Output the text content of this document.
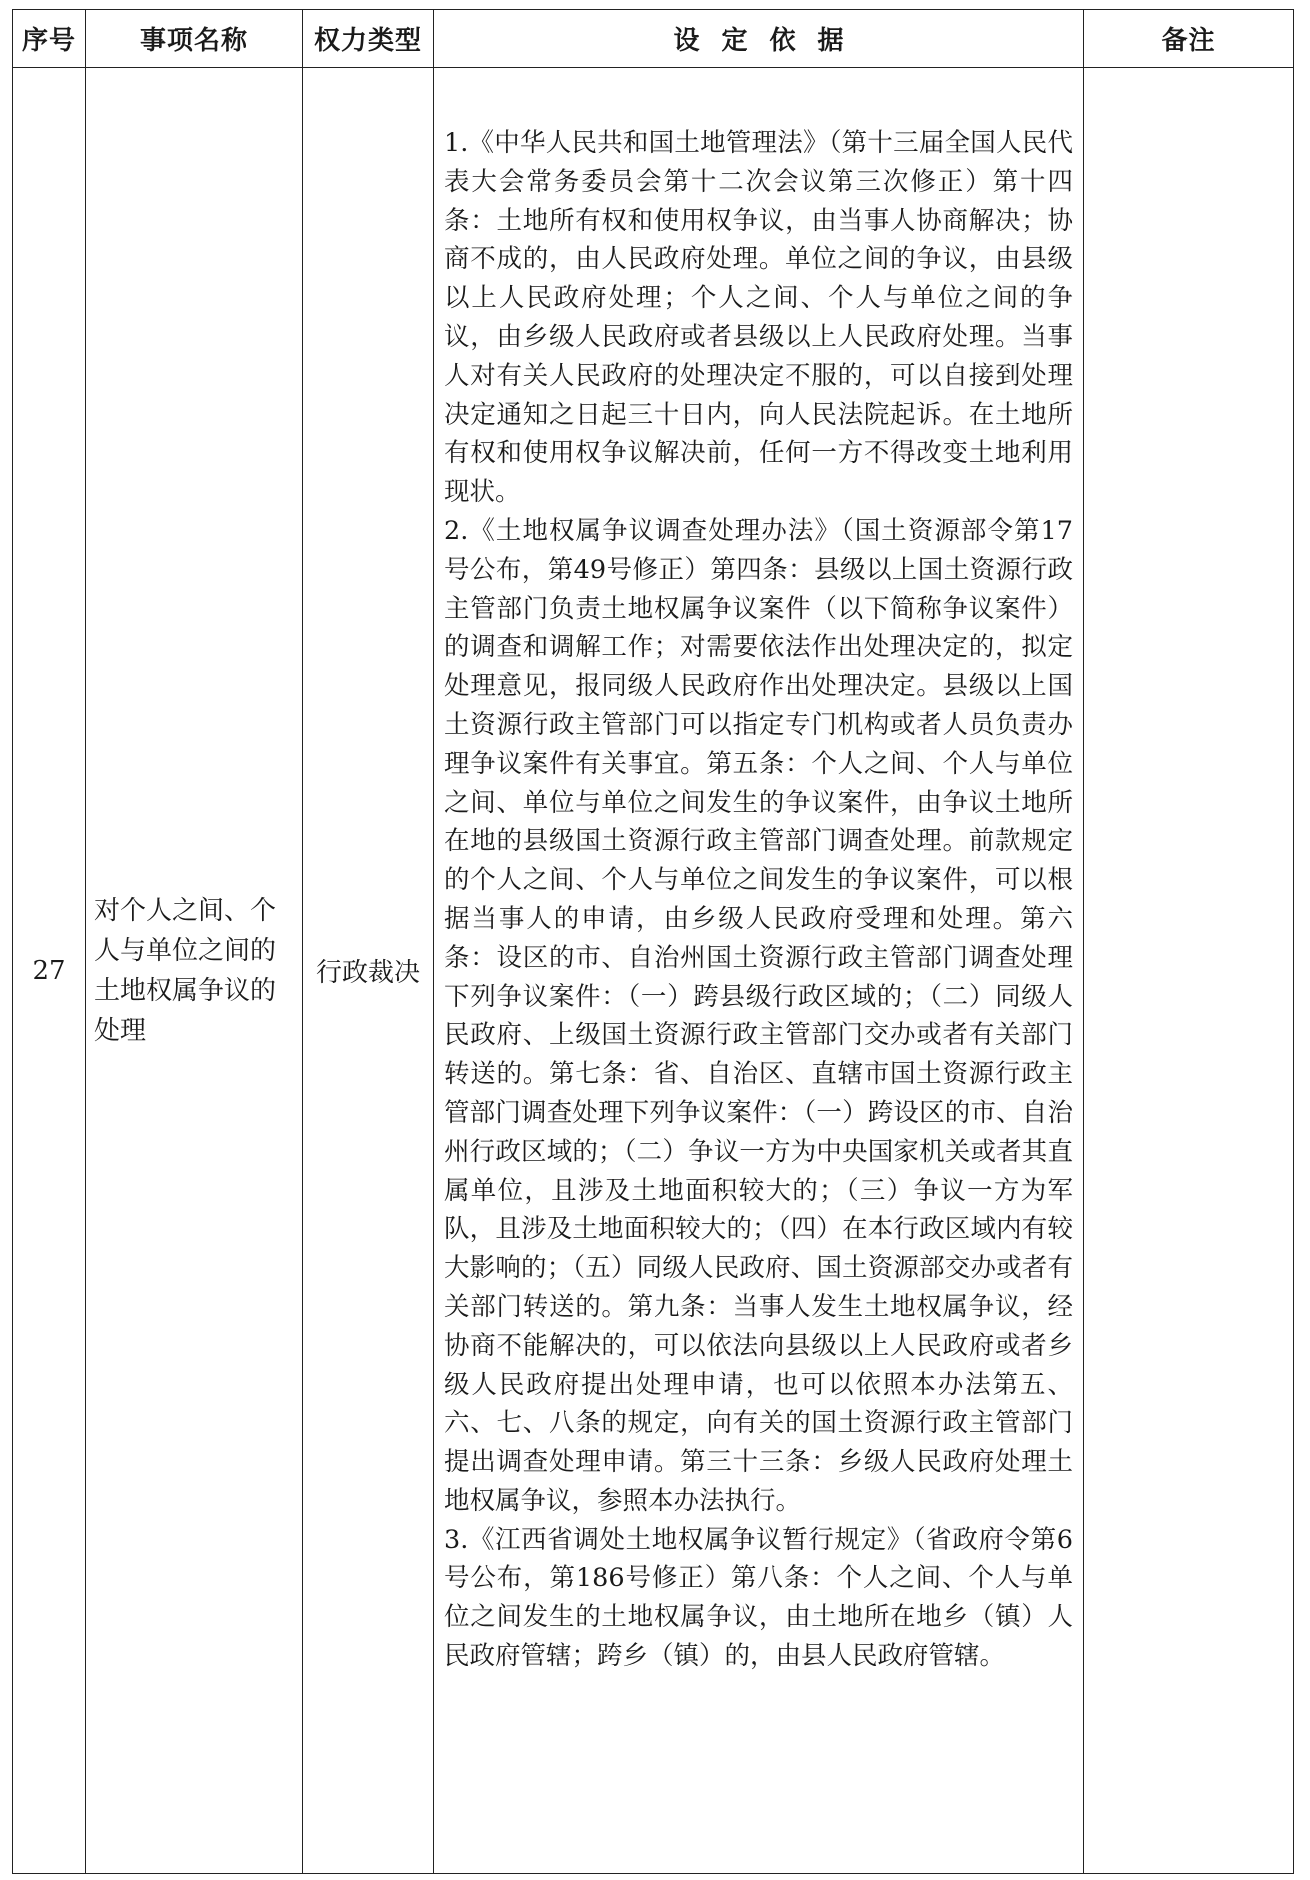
序号	事项名称	权力类型	设定依据	备注
27	对个人之间、个人与单位之间的土地权属争议的处理	行政裁决	1.《中华人民共和国土地管理法》（第十三届全国人民代表大会常务委员会第十二次会议第三次修正）第十四条：土地所有权和使用权争议，由当事人协商解决；协商不成的，由人民政府处理。单位之间的争议，由县级以上人民政府处理；个人之间、个人与单位之间的争议，由乡级人民政府或者县级以上人民政府处理。当事人对有关人民政府的处理决定不服的，可以自接到处理决定通知之日起三十日内，向人民法院起诉。在土地所有权和使用权争议解决前，任何一方不得改变土地利用现状。

2.《土地权属争议调查处理办法》（国土资源部令第17号公布，第49号修正）第四条：县级以上国土资源行政主管部门负责土地权属争议案件（以下简称争议案件）的调查和调解工作；对需要依法作出处理决定的，拟定处理意见，报同级人民政府作出处理决定。县级以上国土资源行政主管部门可以指定专门机构或者人员负责办理争议案件有关事宜。第五条：个人之间、个人与单位之间、单位与单位之间发生的争议案件，由争议土地所在地的县级国土资源行政主管部门调查处理。前款规定的个人之间、个人与单位之间发生的争议案件，可以根据当事人的申请，由乡级人民政府受理和处理。第六条：设区的市、自治州国土资源行政主管部门调查处理下列争议案件：（一）跨县级行政区域的；（二）同级人民政府、上级国土资源行政主管部门交办或者有关部门转送的。第七条：省、自治区、直辖市国土资源行政主管部门调查处理下列争议案件：（一）跨设区的市、自治州行政区域的；（二）争议一方为中央国家机关或者其直属单位，且涉及土地面积较大的；（三）争议一方为军队，且涉及土地面积较大的；（四）在本行政区域内有较大影响的；（五）同级人民政府、国土资源部交办或者有关部门转送的。第九条：当事人发生土地权属争议，经协商不能解决的，可以依法向县级以上人民政府或者乡级人民政府提出处理申请，也可以依照本办法第五、六、七、八条的规定，向有关的国土资源行政主管部门提出调查处理申请。第三十三条：乡级人民政府处理土地权属争议，参照本办法执行。

3.《江西省调处土地权属争议暂行规定》（省政府令第6号公布，第186号修正）第八条：个人之间、个人与单位之间发生的土地权属争议，由土地所在地乡（镇）人民政府管辖；跨乡（镇）的，由县人民政府管辖。	
